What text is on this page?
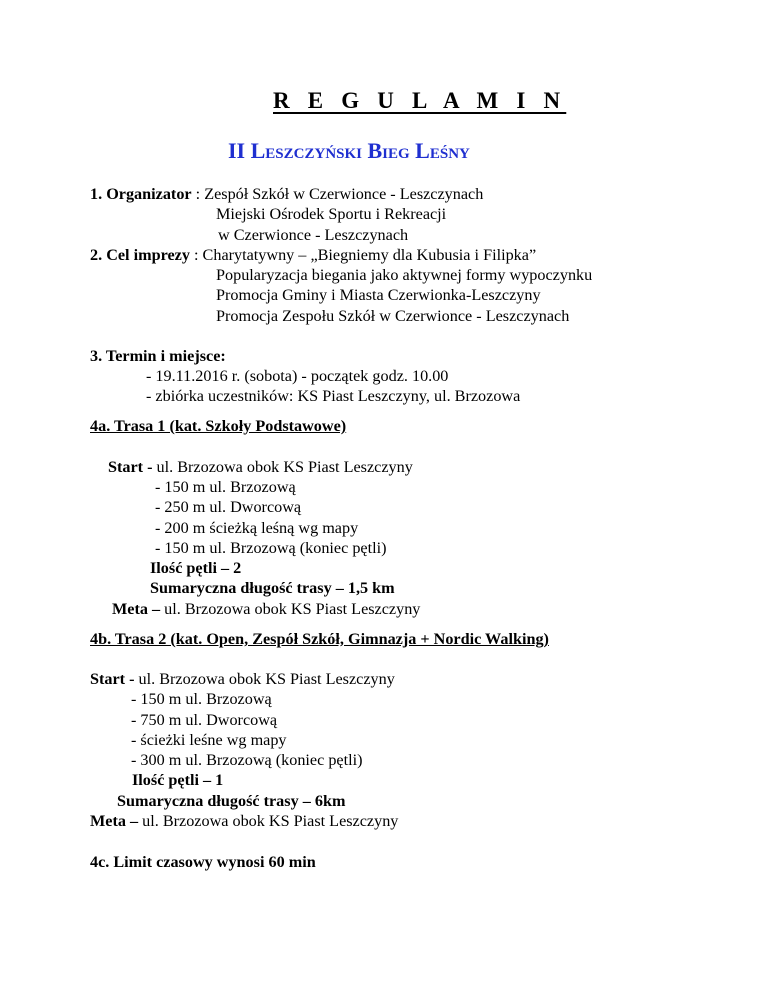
R E G U L A M I N
II Leszczyński Bieg Leśny
1. Organizator : Zespół Szkół w Czerwionce - Leszczynach
Miejski Ośrodek Sportu i Rekreacji
w Czerwionce - Leszczynach
2. Cel imprezy : Charytatywny – „Biegniemy dla Kubusia i Filipka”
Popularyzacja biegania jako aktywnej formy wypoczynku
Promocja Gminy i Miasta Czerwionka-Leszczyny
Promocja Zespołu Szkół w Czerwionce - Leszczynach
3. Termin i miejsce:
- 19.11.2016 r. (sobota) - początek godz. 10.00
- zbiórka uczestników: KS Piast Leszczyny, ul. Brzozowa
4a. Trasa 1 (kat. Szkoły Podstawowe)
Start - ul. Brzozowa obok KS Piast Leszczyny
- 150 m ul. Brzozową
- 250 m ul. Dworcową
- 200 m ścieżką leśną wg mapy
- 150 m ul. Brzozową (koniec pętli)
Ilość pętli – 2
Sumaryczna długość trasy – 1,5 km
Meta – ul. Brzozowa obok KS Piast Leszczyny
4b. Trasa 2 (kat. Open, Zespół Szkół, Gimnazja + Nordic Walking)
Start - ul. Brzozowa obok KS Piast Leszczyny
- 150 m ul. Brzozową
- 750 m ul. Dworcową
- ścieżki leśne wg mapy
- 300 m ul. Brzozową (koniec pętli)
Ilość pętli – 1
Sumaryczna długość trasy – 6km
Meta – ul. Brzozowa obok KS Piast Leszczyny
4c. Limit czasowy wynosi 60 min
